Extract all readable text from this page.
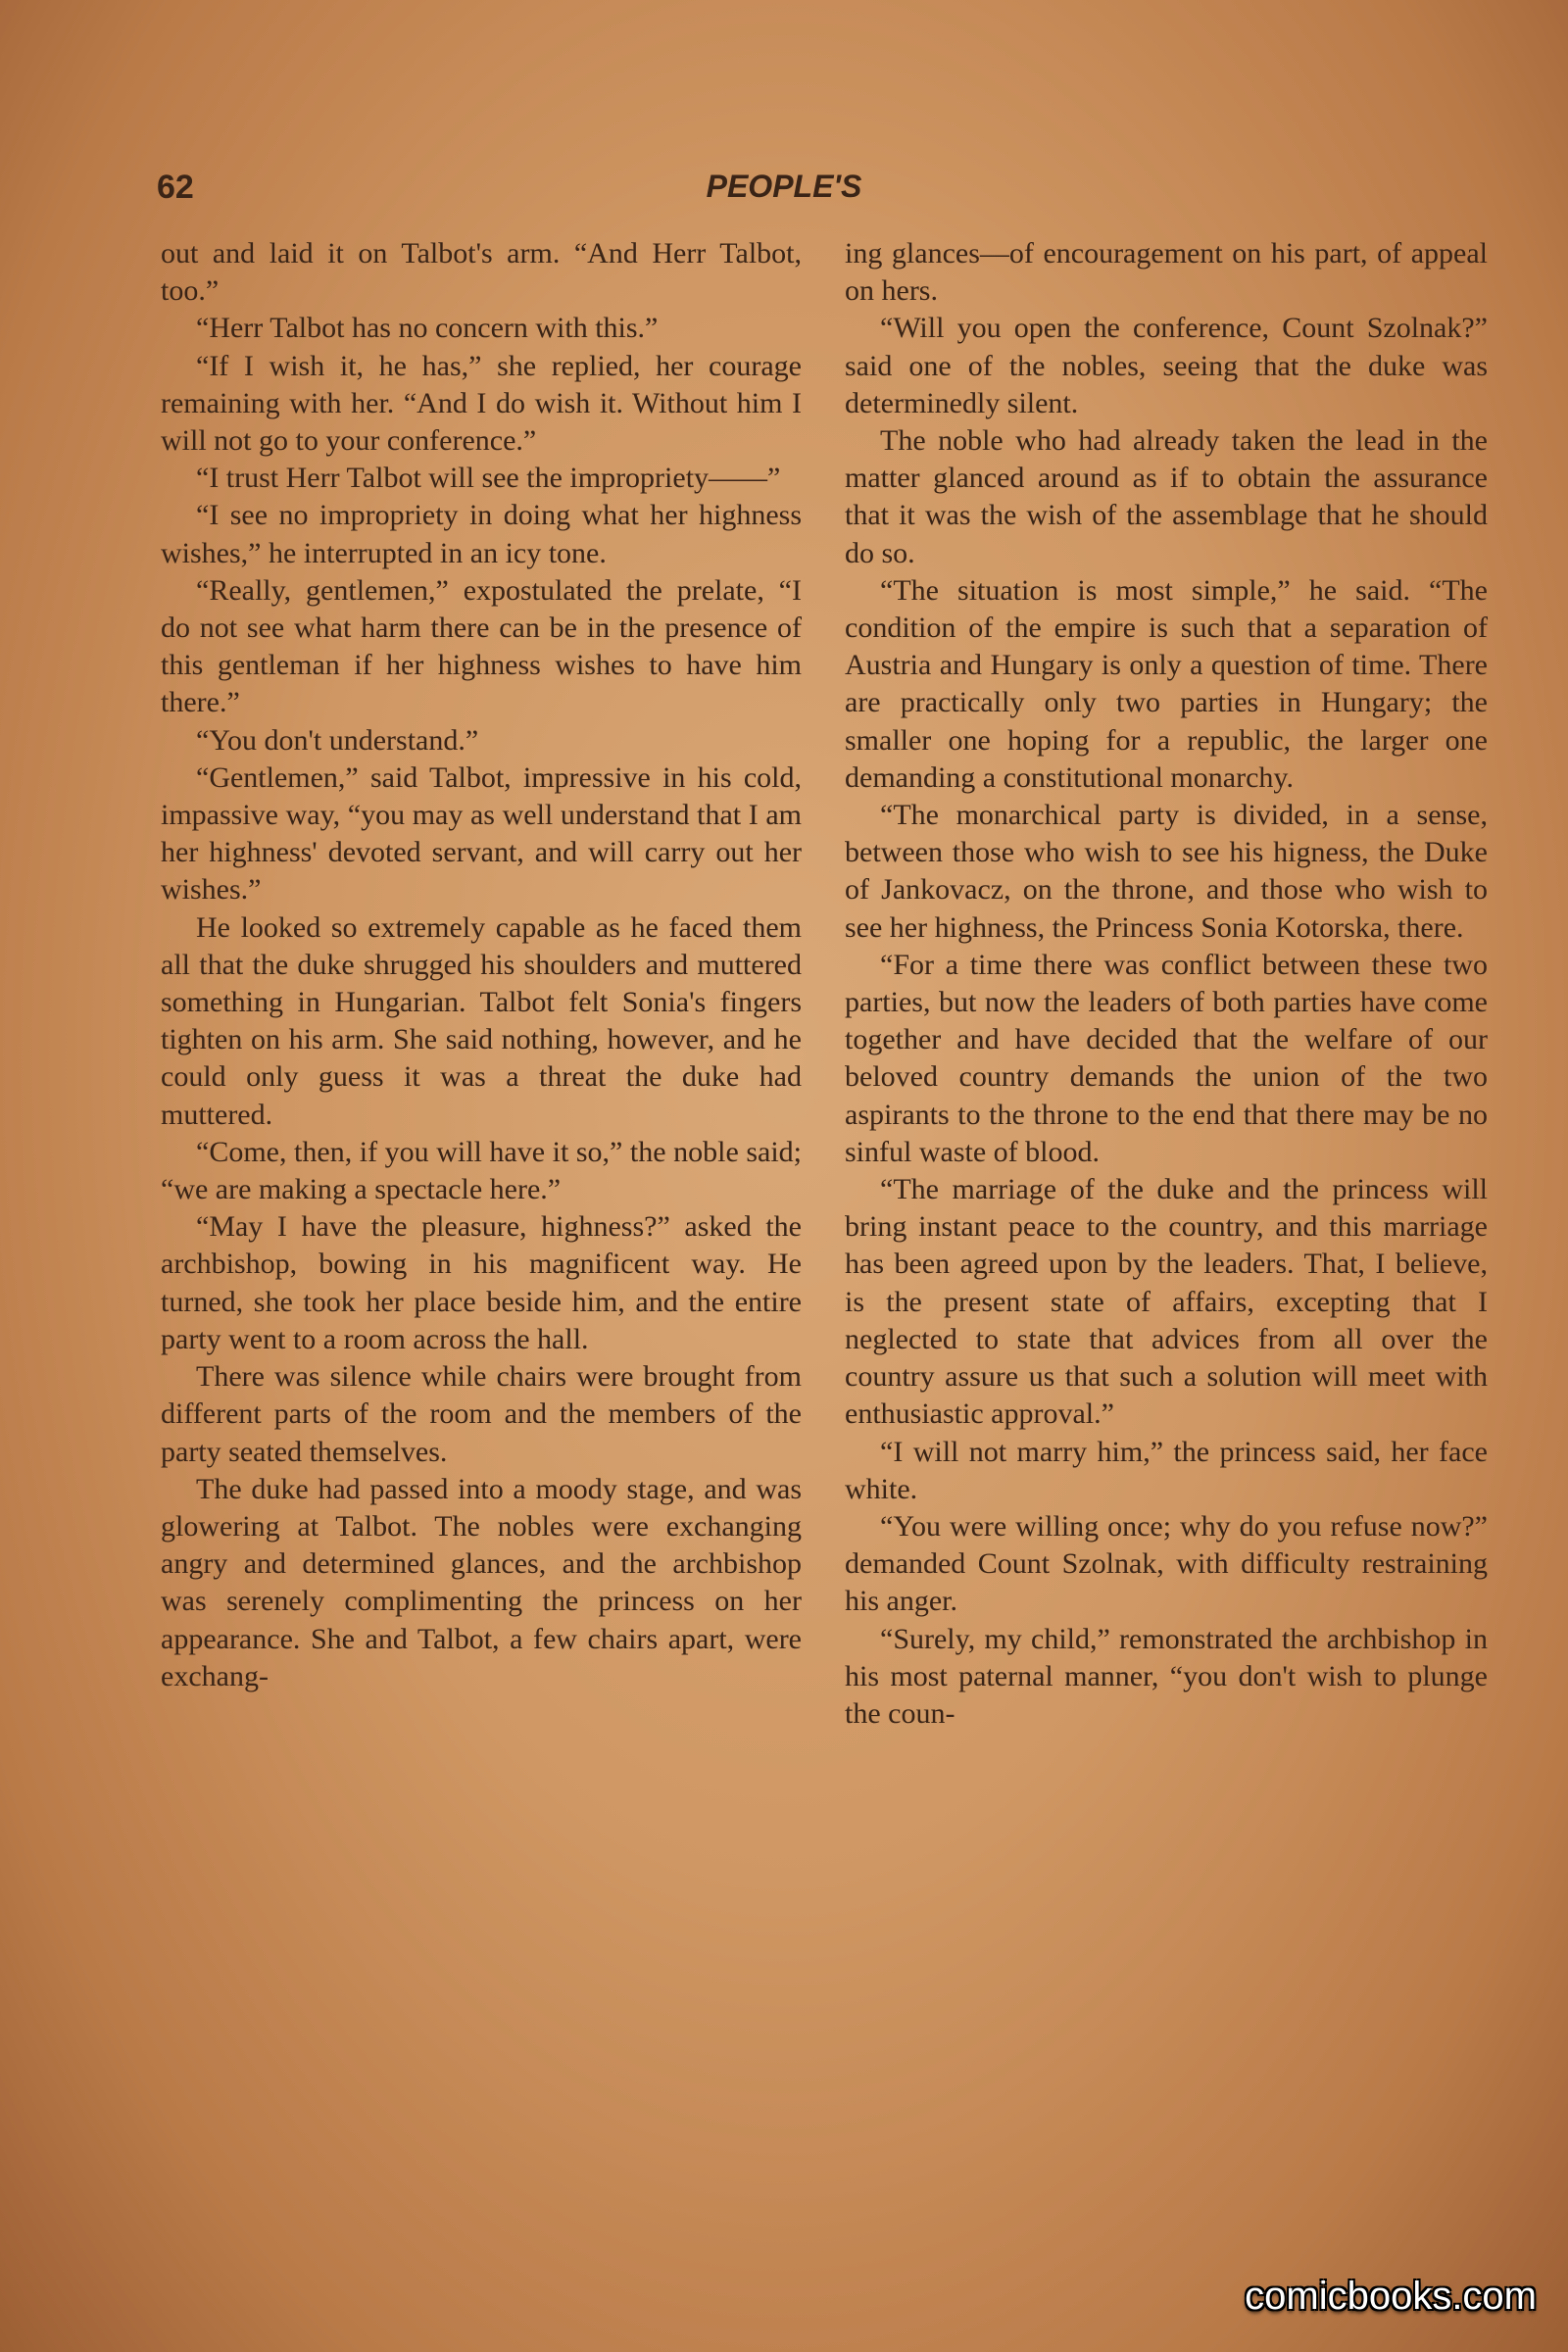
62	PEOPLE'S

out and laid it on Talbot's arm. “And Herr Talbot, too.”

“Herr Talbot has no concern with this.”

“If I wish it, he has,” she replied, her courage remaining with her. “And I do wish it. Without him I will not go to your conference.”

“I trust Herr Talbot will see the impropriety——”

“I see no impropriety in doing what her highness wishes,” he interrupted in an icy tone.

“Really, gentlemen,” expostulated the prelate, “I do not see what harm there can be in the presence of this gentleman if her highness wishes to have him there.”

“You don't understand.”

“Gentlemen,” said Talbot, impressive in his cold, impassive way, “you may as well understand that I am her highness' devoted servant, and will carry out her wishes.”

He looked so extremely capable as he faced them all that the duke shrugged his shoulders and muttered something in Hungarian. Talbot felt Sonia's fingers tighten on his arm. She said nothing, however, and he could only guess it was a threat the duke had muttered.

“Come, then, if you will have it so,” the noble said; “we are making a spectacle here.”

“May I have the pleasure, highness?” asked the archbishop, bowing in his magnificent way. He turned, she took her place beside him, and the entire party went to a room across the hall.

There was silence while chairs were brought from different parts of the room and the members of the party seated themselves.

The duke had passed into a moody stage, and was glowering at Talbot. The nobles were exchanging angry and determined glances, and the archbishop was serenely complimenting the princess on her appearance. She and Talbot, a few chairs apart, were exchang-

ing glances—of encouragement on his part, of appeal on hers.

“Will you open the conference, Count Szolnak?” said one of the nobles, seeing that the duke was determinedly silent.

The noble who had already taken the lead in the matter glanced around as if to obtain the assurance that it was the wish of the assemblage that he should do so.

“The situation is most simple,” he said. “The condition of the empire is such that a separation of Austria and Hungary is only a question of time. There are practically only two parties in Hungary; the smaller one hoping for a republic, the larger one demanding a constitutional monarchy.

“The monarchical party is divided, in a sense, between those who wish to see his higness, the Duke of Jankovacz, on the throne, and those who wish to see her highness, the Princess Sonia Kotorska, there.

“For a time there was conflict between these two parties, but now the leaders of both parties have come together and have decided that the welfare of our beloved country demands the union of the two aspirants to the throne to the end that there may be no sinful waste of blood.

“The marriage of the duke and the princess will bring instant peace to the country, and this marriage has been agreed upon by the leaders. That, I believe, is the present state of affairs, excepting that I neglected to state that advices from all over the country assure us that such a solution will meet with enthusiastic approval.”

“I will not marry him,” the princess said, her face white.

“You were willing once; why do you refuse now?” demanded Count Szolnak, with difficulty restraining his anger.

“Surely, my child,” remonstrated the archbishop in his most paternal manner, “you don't wish to plunge the coun-

comicbooks.com
